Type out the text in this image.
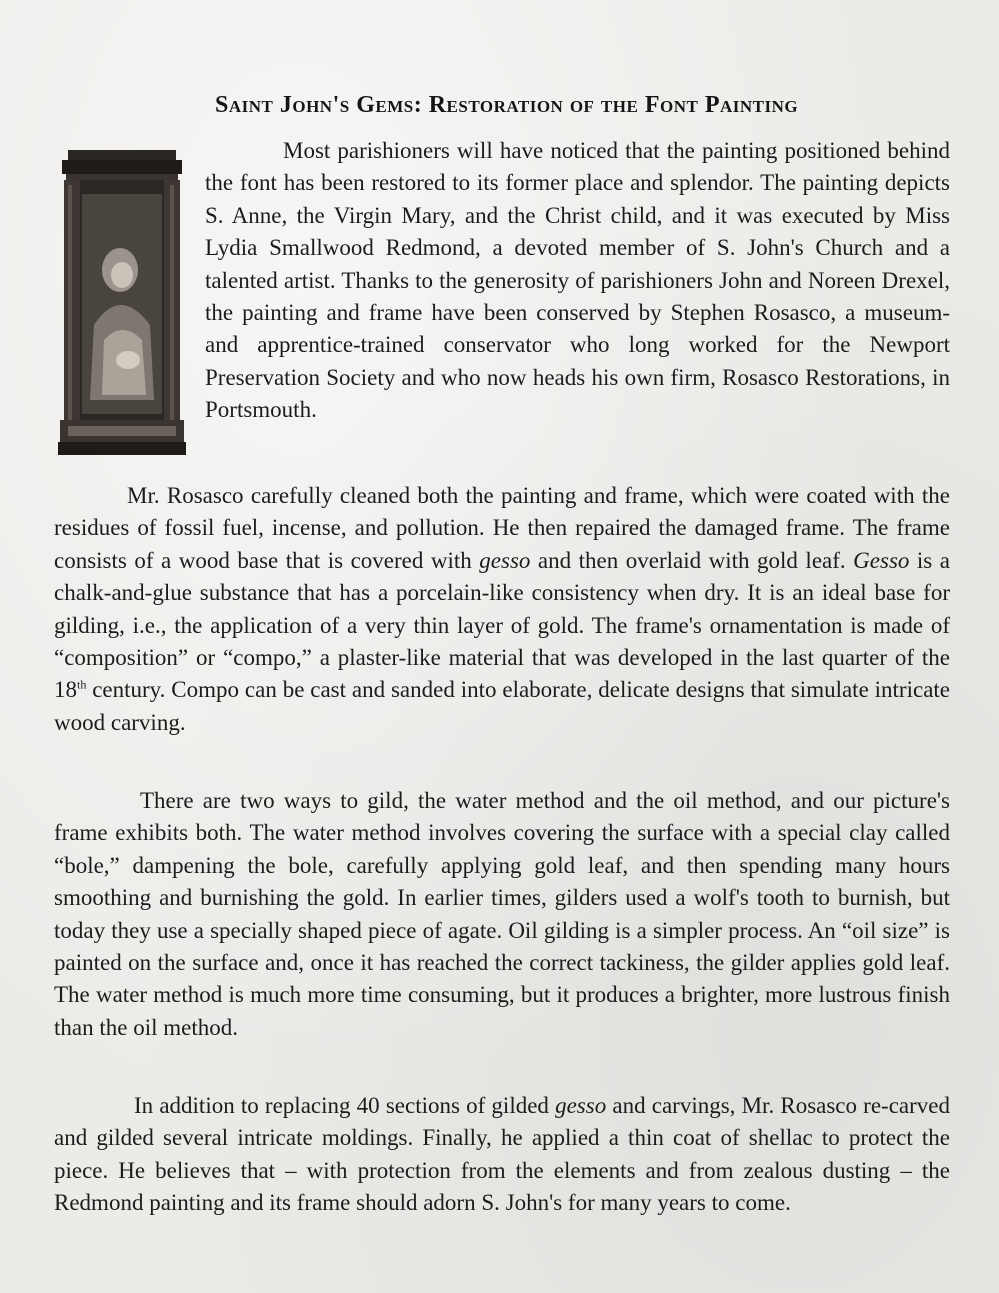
Saint John's Gems: Restoration of the Font Painting
Most parishioners will have noticed that the painting positioned behind the font has been restored to its former place and splendor. The painting depicts S. Anne, the Virgin Mary, and the Christ child, and it was executed by Miss Lydia Smallwood Redmond, a devoted member of S. John's Church and a talented artist. Thanks to the generosity of parishioners John and Noreen Drexel, the painting and frame have been conserved by Stephen Rosasco, a museum- and apprentice-trained conservator who long worked for the Newport Preservation Society and who now heads his own firm, Rosasco Restorations, in Portsmouth.
Mr. Rosasco carefully cleaned both the painting and frame, which were coated with the residues of fossil fuel, incense, and pollution. He then repaired the damaged frame. The frame consists of a wood base that is covered with gesso and then overlaid with gold leaf. Gesso is a chalk-and-glue substance that has a porcelain-like consistency when dry. It is an ideal base for gilding, i.e., the application of a very thin layer of gold. The frame's ornamentation is made of “composition” or “compo,” a plaster-like material that was developed in the last quarter of the 18th century. Compo can be cast and sanded into elaborate, delicate designs that simulate intricate wood carving.
There are two ways to gild, the water method and the oil method, and our picture's frame exhibits both. The water method involves covering the surface with a special clay called “bole,” dampening the bole, carefully applying gold leaf, and then spending many hours smoothing and burnishing the gold. In earlier times, gilders used a wolf's tooth to burnish, but today they use a specially shaped piece of agate. Oil gilding is a simpler process. An “oil size” is painted on the surface and, once it has reached the correct tackiness, the gilder applies gold leaf. The water method is much more time consuming, but it produces a brighter, more lustrous finish than the oil method.
In addition to replacing 40 sections of gilded gesso and carvings, Mr. Rosasco re-carved and gilded several intricate moldings. Finally, he applied a thin coat of shellac to protect the piece. He believes that – with protection from the elements and from zealous dusting – the Redmond painting and its frame should adorn S. John's for many years to come.
